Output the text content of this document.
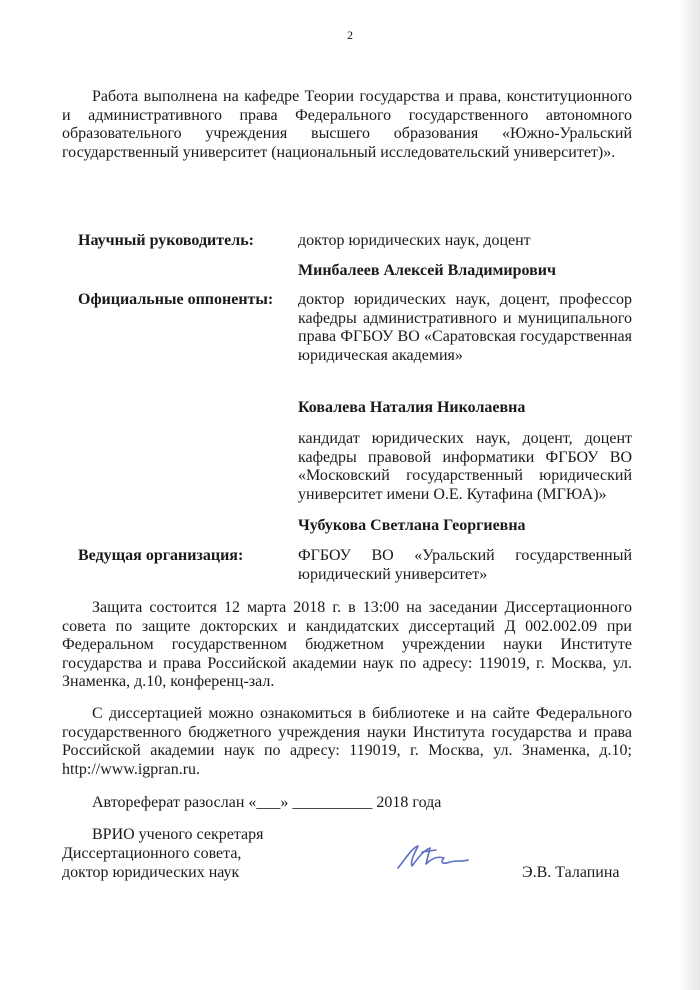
2

Работа выполнена на кафедре Теории государства и права, конституционного и административного права Федерального государственного автономного образовательного учреждения высшего образования «Южно-Уральский государственный университет (национальный исследовательский университет)».

Научный руководитель:	доктор юридических наук, доцент

Минбалеев Алексей Владимирович
Официальные оппоненты: доктор юридических наук, доцент, профессор кафедры административного и муниципального права ФГБОУ ВО «Саратовская государственная юридическая академия»

Ковалева Наталия Николаевна

кандидат юридических наук, доцент, доцент кафедры правовой информатики ФГБОУ ВО «Московский государственный юридический университет имени О.Е. Кутафина (МГЮА)»

Чубукова Светлана Георгиевна
Ведущая организация:	ФГБОУ ВО «Уральский государственный юридический университет»

Защита состоится 12 марта 2018 г. в 13:00 на заседании Диссертационного совета по защите докторских и кандидатских диссертаций Д 002.002.09 при Федеральном государственном бюджетном учреждении науки Институте государства и права Российской академии наук по адресу: 119019, г. Москва, ул. Знаменка, д.10, конференц-зал.

С диссертацией можно ознакомиться в библиотеке и на сайте Федерального государственного бюджетного учреждения науки Института государства и права Российской академии наук по адресу: 119019, г. Москва, ул. Знаменка, д.10; http://www.igpran.ru.

Автореферат разослан «___» __________ 2018 года
ВРИО ученого секретаря
Диссертационного совета,
доктор юридических наук	Э.В. Талапина
